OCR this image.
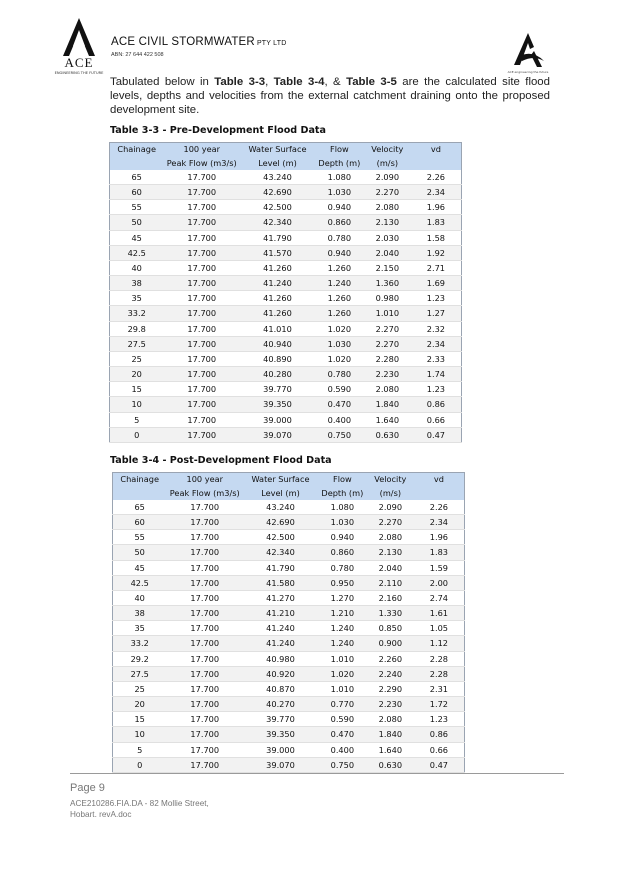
ACE
ENGINEERING THE FUTURE
ACE CIVIL STORMWATER PTY LTD
ABN: 27 644 422 508
ACE engineering the future

Tabulated below in Table 3-3, Table 3-4, & Table 3-5 are the calculated site flood levels, depths and velocities from the external catchment draining onto the proposed development site.

Table 3-3 - Pre-Development Flood Data
Chainage	100 year	Water Surface	Flow	Velocity	vd
	Peak Flow (m3/s)	Level (m)	Depth (m)	(m/s)	
65	17.700	43.240	1.080	2.090	2.26
60	17.700	42.690	1.030	2.270	2.34
55	17.700	42.500	0.940	2.080	1.96
50	17.700	42.340	0.860	2.130	1.83
45	17.700	41.790	0.780	2.030	1.58
42.5	17.700	41.570	0.940	2.040	1.92
40	17.700	41.260	1.260	2.150	2.71
38	17.700	41.240	1.240	1.360	1.69
35	17.700	41.260	1.260	0.980	1.23
33.2	17.700	41.260	1.260	1.010	1.27
29.8	17.700	41.010	1.020	2.270	2.32
27.5	17.700	40.940	1.030	2.270	2.34
25	17.700	40.890	1.020	2.280	2.33
20	17.700	40.280	0.780	2.230	1.74
15	17.700	39.770	0.590	2.080	1.23
10	17.700	39.350	0.470	1.840	0.86
5	17.700	39.000	0.400	1.640	0.66
0	17.700	39.070	0.750	0.630	0.47
Table 3-4 - Post-Development Flood Data
Chainage	100 year	Water Surface	Flow	Velocity	vd
	Peak Flow (m3/s)	Level (m)	Depth (m)	(m/s)	
65	17.700	43.240	1.080	2.090	2.26
60	17.700	42.690	1.030	2.270	2.34
55	17.700	42.500	0.940	2.080	1.96
50	17.700	42.340	0.860	2.130	1.83
45	17.700	41.790	0.780	2.040	1.59
42.5	17.700	41.580	0.950	2.110	2.00
40	17.700	41.270	1.270	2.160	2.74
38	17.700	41.210	1.210	1.330	1.61
35	17.700	41.240	1.240	0.850	1.05
33.2	17.700	41.240	1.240	0.900	1.12
29.2	17.700	40.980	1.010	2.260	2.28
27.5	17.700	40.920	1.020	2.240	2.28
25	17.700	40.870	1.010	2.290	2.31
20	17.700	40.270	0.770	2.230	1.72
15	17.700	39.770	0.590	2.080	1.23
10	17.700	39.350	0.470	1.840	0.86
5	17.700	39.000	0.400	1.640	0.66
0	17.700	39.070	0.750	0.630	0.47
Page 9
ACE210286.FIA.DA - 82 Mollie Street,
Hobart. revA.doc
